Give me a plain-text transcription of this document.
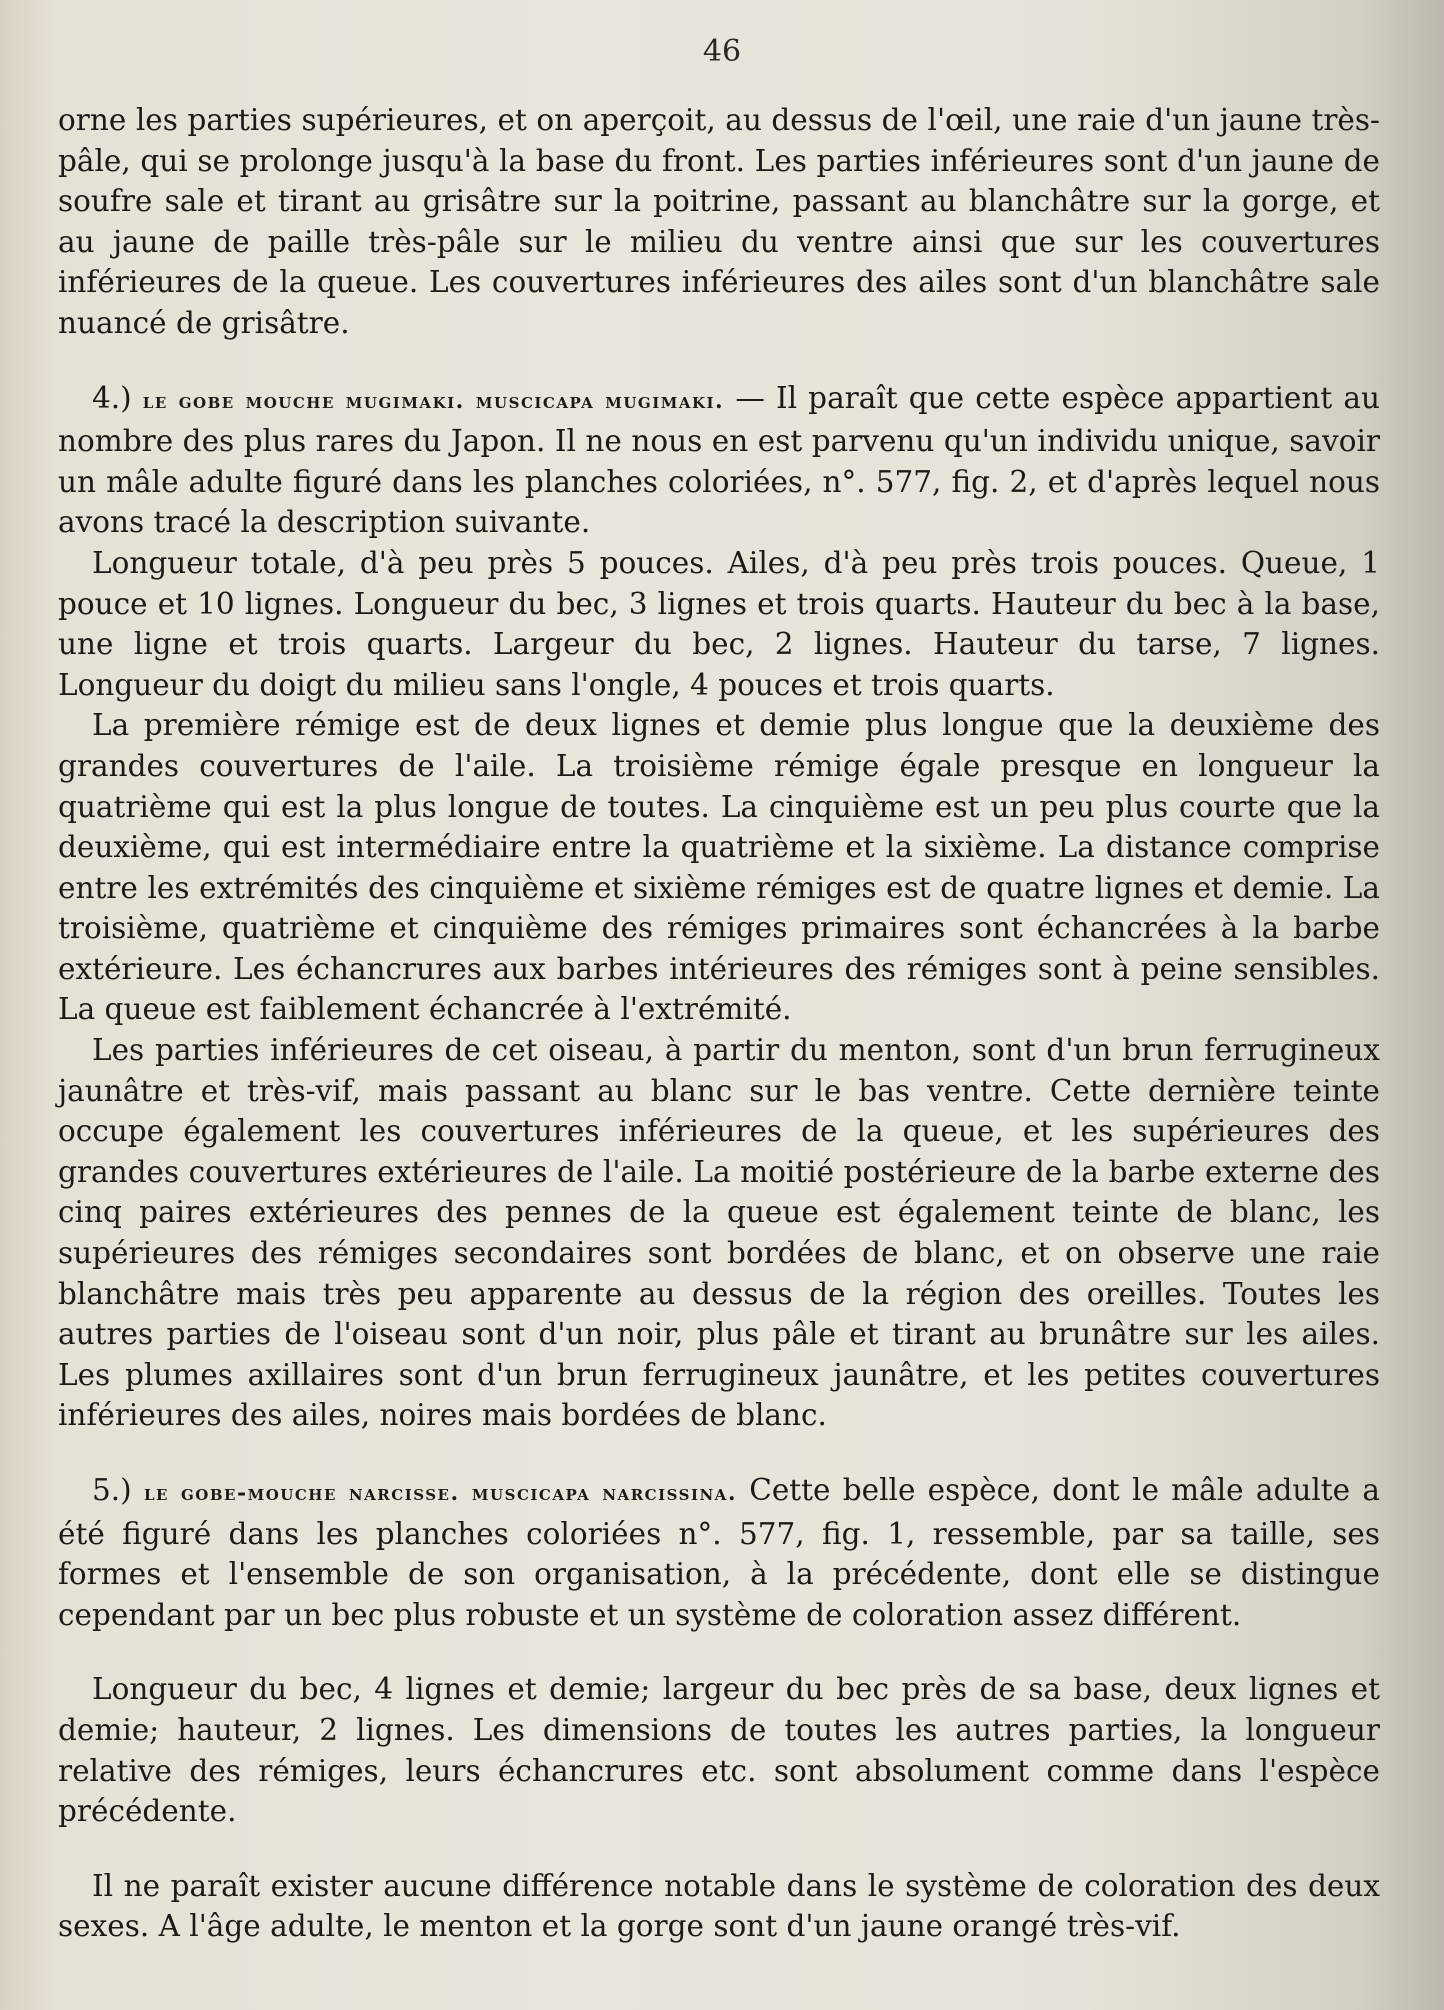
46

orne les parties supérieures, et on aperçoit, au dessus de l'œil, une raie d'un jaune très-pâle, qui se prolonge jusqu'à la base du front. Les parties inférieures sont d'un jaune de soufre sale et tirant au grisâtre sur la poitrine, passant au blanchâtre sur la gorge, et au jaune de paille très-pâle sur le milieu du ventre ainsi que sur les couvertures inférieures de la queue. Les couvertures inférieures des ailes sont d'un blanchâtre sale nuancé de grisâtre.

4.) le gobe mouche mugimaki. muscicapa mugimaki. — Il paraît que cette espèce appartient au nombre des plus rares du Japon. Il ne nous en est parvenu qu'un individu unique, savoir un mâle adulte figuré dans les planches coloriées, n°. 577, fig. 2, et d'après lequel nous avons tracé la description suivante.

Longueur totale, d'à peu près 5 pouces. Ailes, d'à peu près trois pouces. Queue, 1 pouce et 10 lignes. Longueur du bec, 3 lignes et trois quarts. Hauteur du bec à la base, une ligne et trois quarts. Largeur du bec, 2 lignes. Hauteur du tarse, 7 lignes. Longueur du doigt du milieu sans l'ongle, 4 pouces et trois quarts.

La première rémige est de deux lignes et demie plus longue que la deuxième des grandes couvertures de l'aile. La troisième rémige égale presque en longueur la quatrième qui est la plus longue de toutes. La cinquième est un peu plus courte que la deuxième, qui est intermédiaire entre la quatrième et la sixième. La distance comprise entre les extrémités des cinquième et sixième rémiges est de quatre lignes et demie. La troisième, quatrième et cinquième des rémiges primaires sont échancrées à la barbe extérieure. Les échancrures aux barbes intérieures des rémiges sont à peine sensibles. La queue est faiblement échancrée à l'extrémité.

Les parties inférieures de cet oiseau, à partir du menton, sont d'un brun ferrugineux jaunâtre et très-vif, mais passant au blanc sur le bas ventre. Cette dernière teinte occupe également les couvertures inférieures de la queue, et les supérieures des grandes couvertures extérieures de l'aile. La moitié postérieure de la barbe externe des cinq paires extérieures des pennes de la queue est également teinte de blanc, les supérieures des rémiges secondaires sont bordées de blanc, et on observe une raie blanchâtre mais très peu apparente au dessus de la région des oreilles. Toutes les autres parties de l'oiseau sont d'un noir, plus pâle et tirant au brunâtre sur les ailes. Les plumes axillaires sont d'un brun ferrugineux jaunâtre, et les petites couvertures inférieures des ailes, noires mais bordées de blanc.

5.) le gobe-mouche narcisse. muscicapa narcissina. Cette belle espèce, dont le mâle adulte a été figuré dans les planches coloriées n°. 577, fig. 1, ressemble, par sa taille, ses formes et l'ensemble de son organisation, à la précédente, dont elle se distingue cependant par un bec plus robuste et un système de coloration assez différent.

Longueur du bec, 4 lignes et demie; largeur du bec près de sa base, deux lignes et demie; hauteur, 2 lignes. Les dimensions de toutes les autres parties, la longueur relative des rémiges, leurs échancrures etc. sont absolument comme dans l'espèce précédente.

Il ne paraît exister aucune différence notable dans le système de coloration des deux sexes. A l'âge adulte, le menton et la gorge sont d'un jaune orangé très-vif.
